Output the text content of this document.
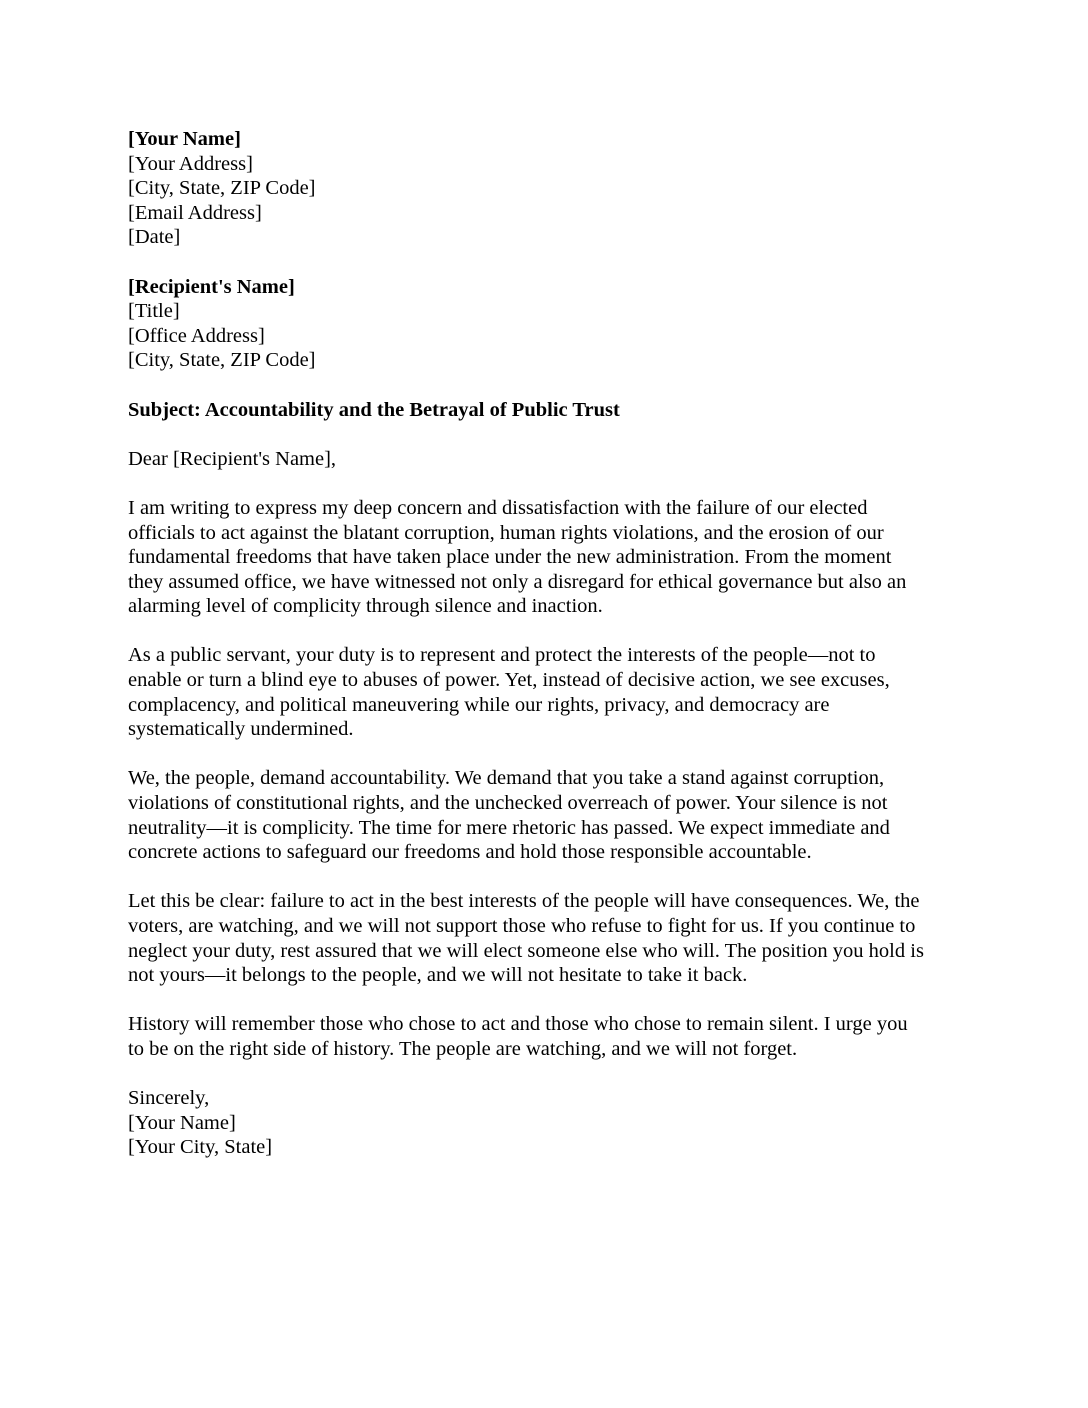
[Your Name]
[Your Address]
[City, State, ZIP Code]
[Email Address]
[Date]
[Recipient's Name]
[Title]
[Office Address]
[City, State, ZIP Code]
Subject: Accountability and the Betrayal of Public Trust
Dear [Recipient's Name],

I am writing to express my deep concern and dissatisfaction with the failure of our elected
officials to act against the blatant corruption, human rights violations, and the erosion of our
fundamental freedoms that have taken place under the new administration. From the moment
they assumed office, we have witnessed not only a disregard for ethical governance but also an
alarming level of complicity through silence and inaction.

As a public servant, your duty is to represent and protect the interests of the people—not to
enable or turn a blind eye to abuses of power. Yet, instead of decisive action, we see excuses,
complacency, and political maneuvering while our rights, privacy, and democracy are
systematically undermined.

We, the people, demand accountability. We demand that you take a stand against corruption,
violations of constitutional rights, and the unchecked overreach of power. Your silence is not
neutrality—it is complicity. The time for mere rhetoric has passed. We expect immediate and
concrete actions to safeguard our freedoms and hold those responsible accountable.

Let this be clear: failure to act in the best interests of the people will have consequences. We, the
voters, are watching, and we will not support those who refuse to fight for us. If you continue to
neglect your duty, rest assured that we will elect someone else who will. The position you hold is
not yours—it belongs to the people, and we will not hesitate to take it back.

History will remember those who chose to act and those who chose to remain silent. I urge you
to be on the right side of history. The people are watching, and we will not forget.

Sincerely,
[Your Name]
[Your City, State]
